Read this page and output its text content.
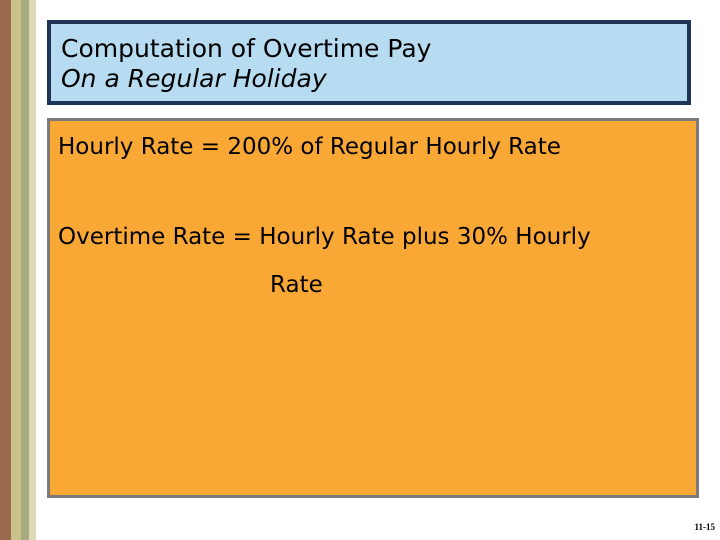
Computation of Overtime Pay
On a Regular Holiday
Hourly Rate = 200% of Regular Hourly Rate
Overtime Rate = Hourly Rate plus 30% Hourly
Rate
11-15
